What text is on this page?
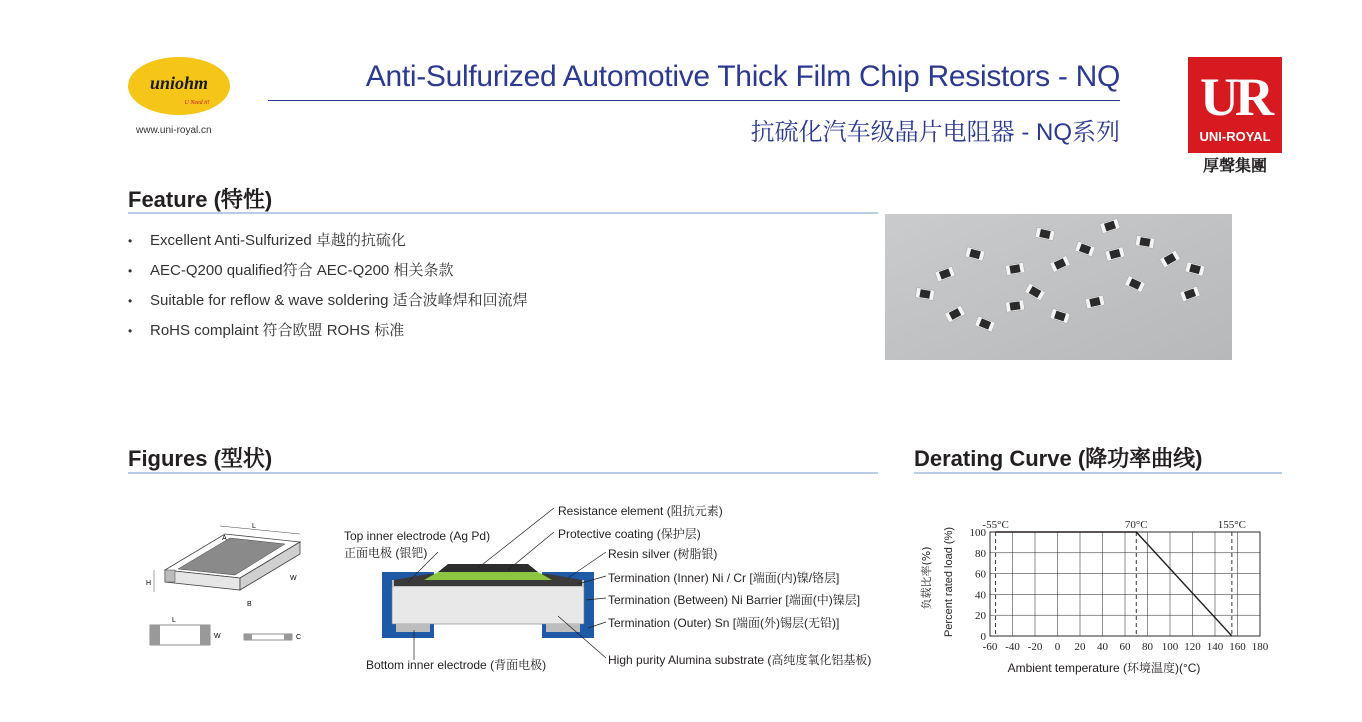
uniohm
U Need it!
www.uni-royal.cn
Anti-Sulfurized Automotive Thick Film Chip Resistors - NQ
抗硫化汽车级晶片电阻器 - NQ系列
UR
UNI-ROYAL
厚聲集團
Feature (特性)
• Excellent Anti-Sulfurized 卓越的抗硫化
• AEC-Q200 qualified符合 AEC-Q200 相关条款
• Suitable for reflow & wave soldering 适合波峰焊和回流焊
• RoHS complaint 符合欧盟 ROHS 标准
Figures (型状)
L
A
H
W
B
L
W	C
Top inner electrode (Ag Pd)
正面电极 (银钯)
Bottom inner electrode (背面电极)
Resistance element (阻抗元素)
Protective coating (保护层)
Resin silver (树脂银)
Termination (Inner) Ni / Cr [端面(内)镍/铬层]
Termination (Between) Ni Barrier [端面(中)镍层]
Termination (Outer) Sn [端面(外)锡层(无铅)]
High purity Alumina substrate (高纯度氧化铝基板)
Derating Curve (降功率曲线)
-60 -40 -20 0 20 40 60 80 100 120 140 160 180
0
20
40
60
80
100
-55°C	70°C	155°C
Ambient temperature (环境温度)(°C)
负载比率(%) Percent rated load (%)
